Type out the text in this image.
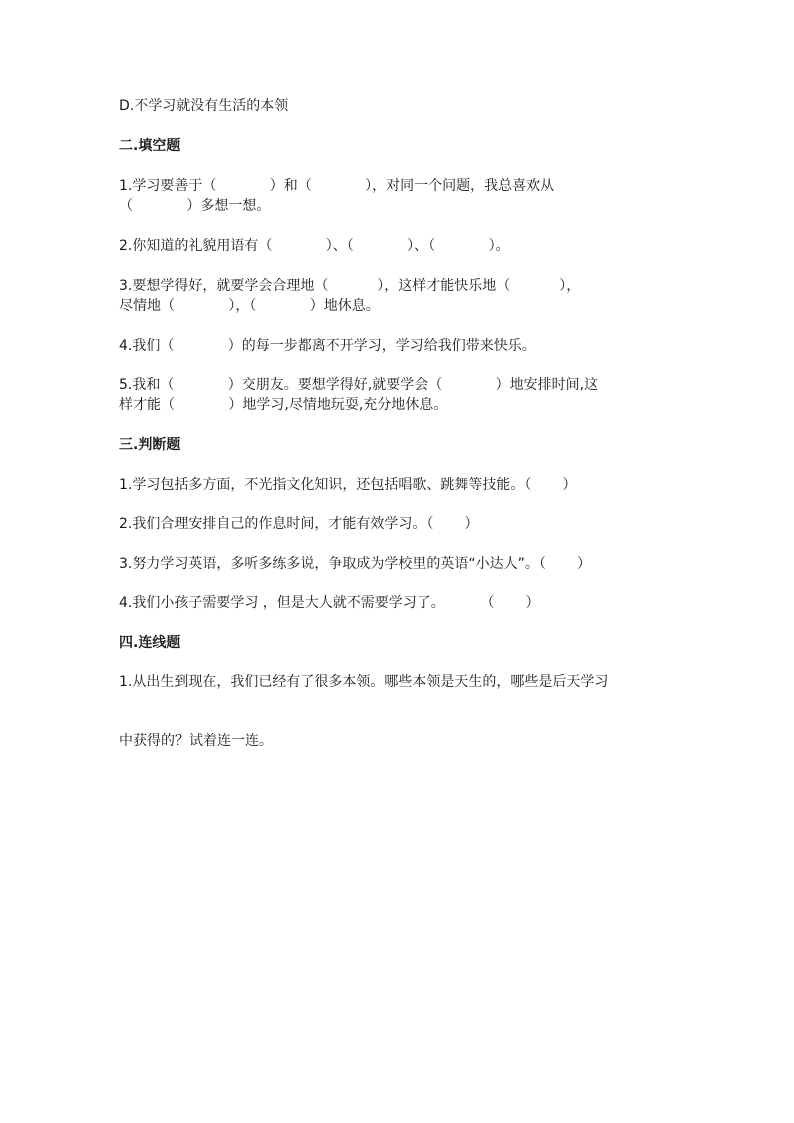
D.不学习就没有生活的本领
二.填空题
1.学习要善于（            ）和（            ），对同一个问题，我总喜欢从
（            ）多想一想。
2.你知道的礼貌用语有（            ）、（            ）、（            ）。
3.要想学得好，就要学会合理地（           ），这样才能快乐地（           ），
尽情地（            ），（            ）地休息。
4.我们（            ）的每一步都离不开学习，学习给我们带来快乐。
5.我和（            ）交朋友。要想学得好,就要学会（            ）地安排时间,这
样才能（            ）地学习,尽情地玩耍,充分地休息。
三.判断题
1.学习包括多方面，不光指文化知识，还包括唱歌、跳舞等技能。（       ）
2.我们合理安排自己的作息时间，才能有效学习。（       ）
3.努力学习英语，多听多练多说，争取成为学校里的英语“小达人”。（       ）
4.我们小孩子需要学习 ，但是大人就不需要学习了。        （       ）
四.连线题
1.从出生到现在，我们已经有了很多本领。哪些本领是天生的，哪些是后天学习
中获得的？试着连一连。
